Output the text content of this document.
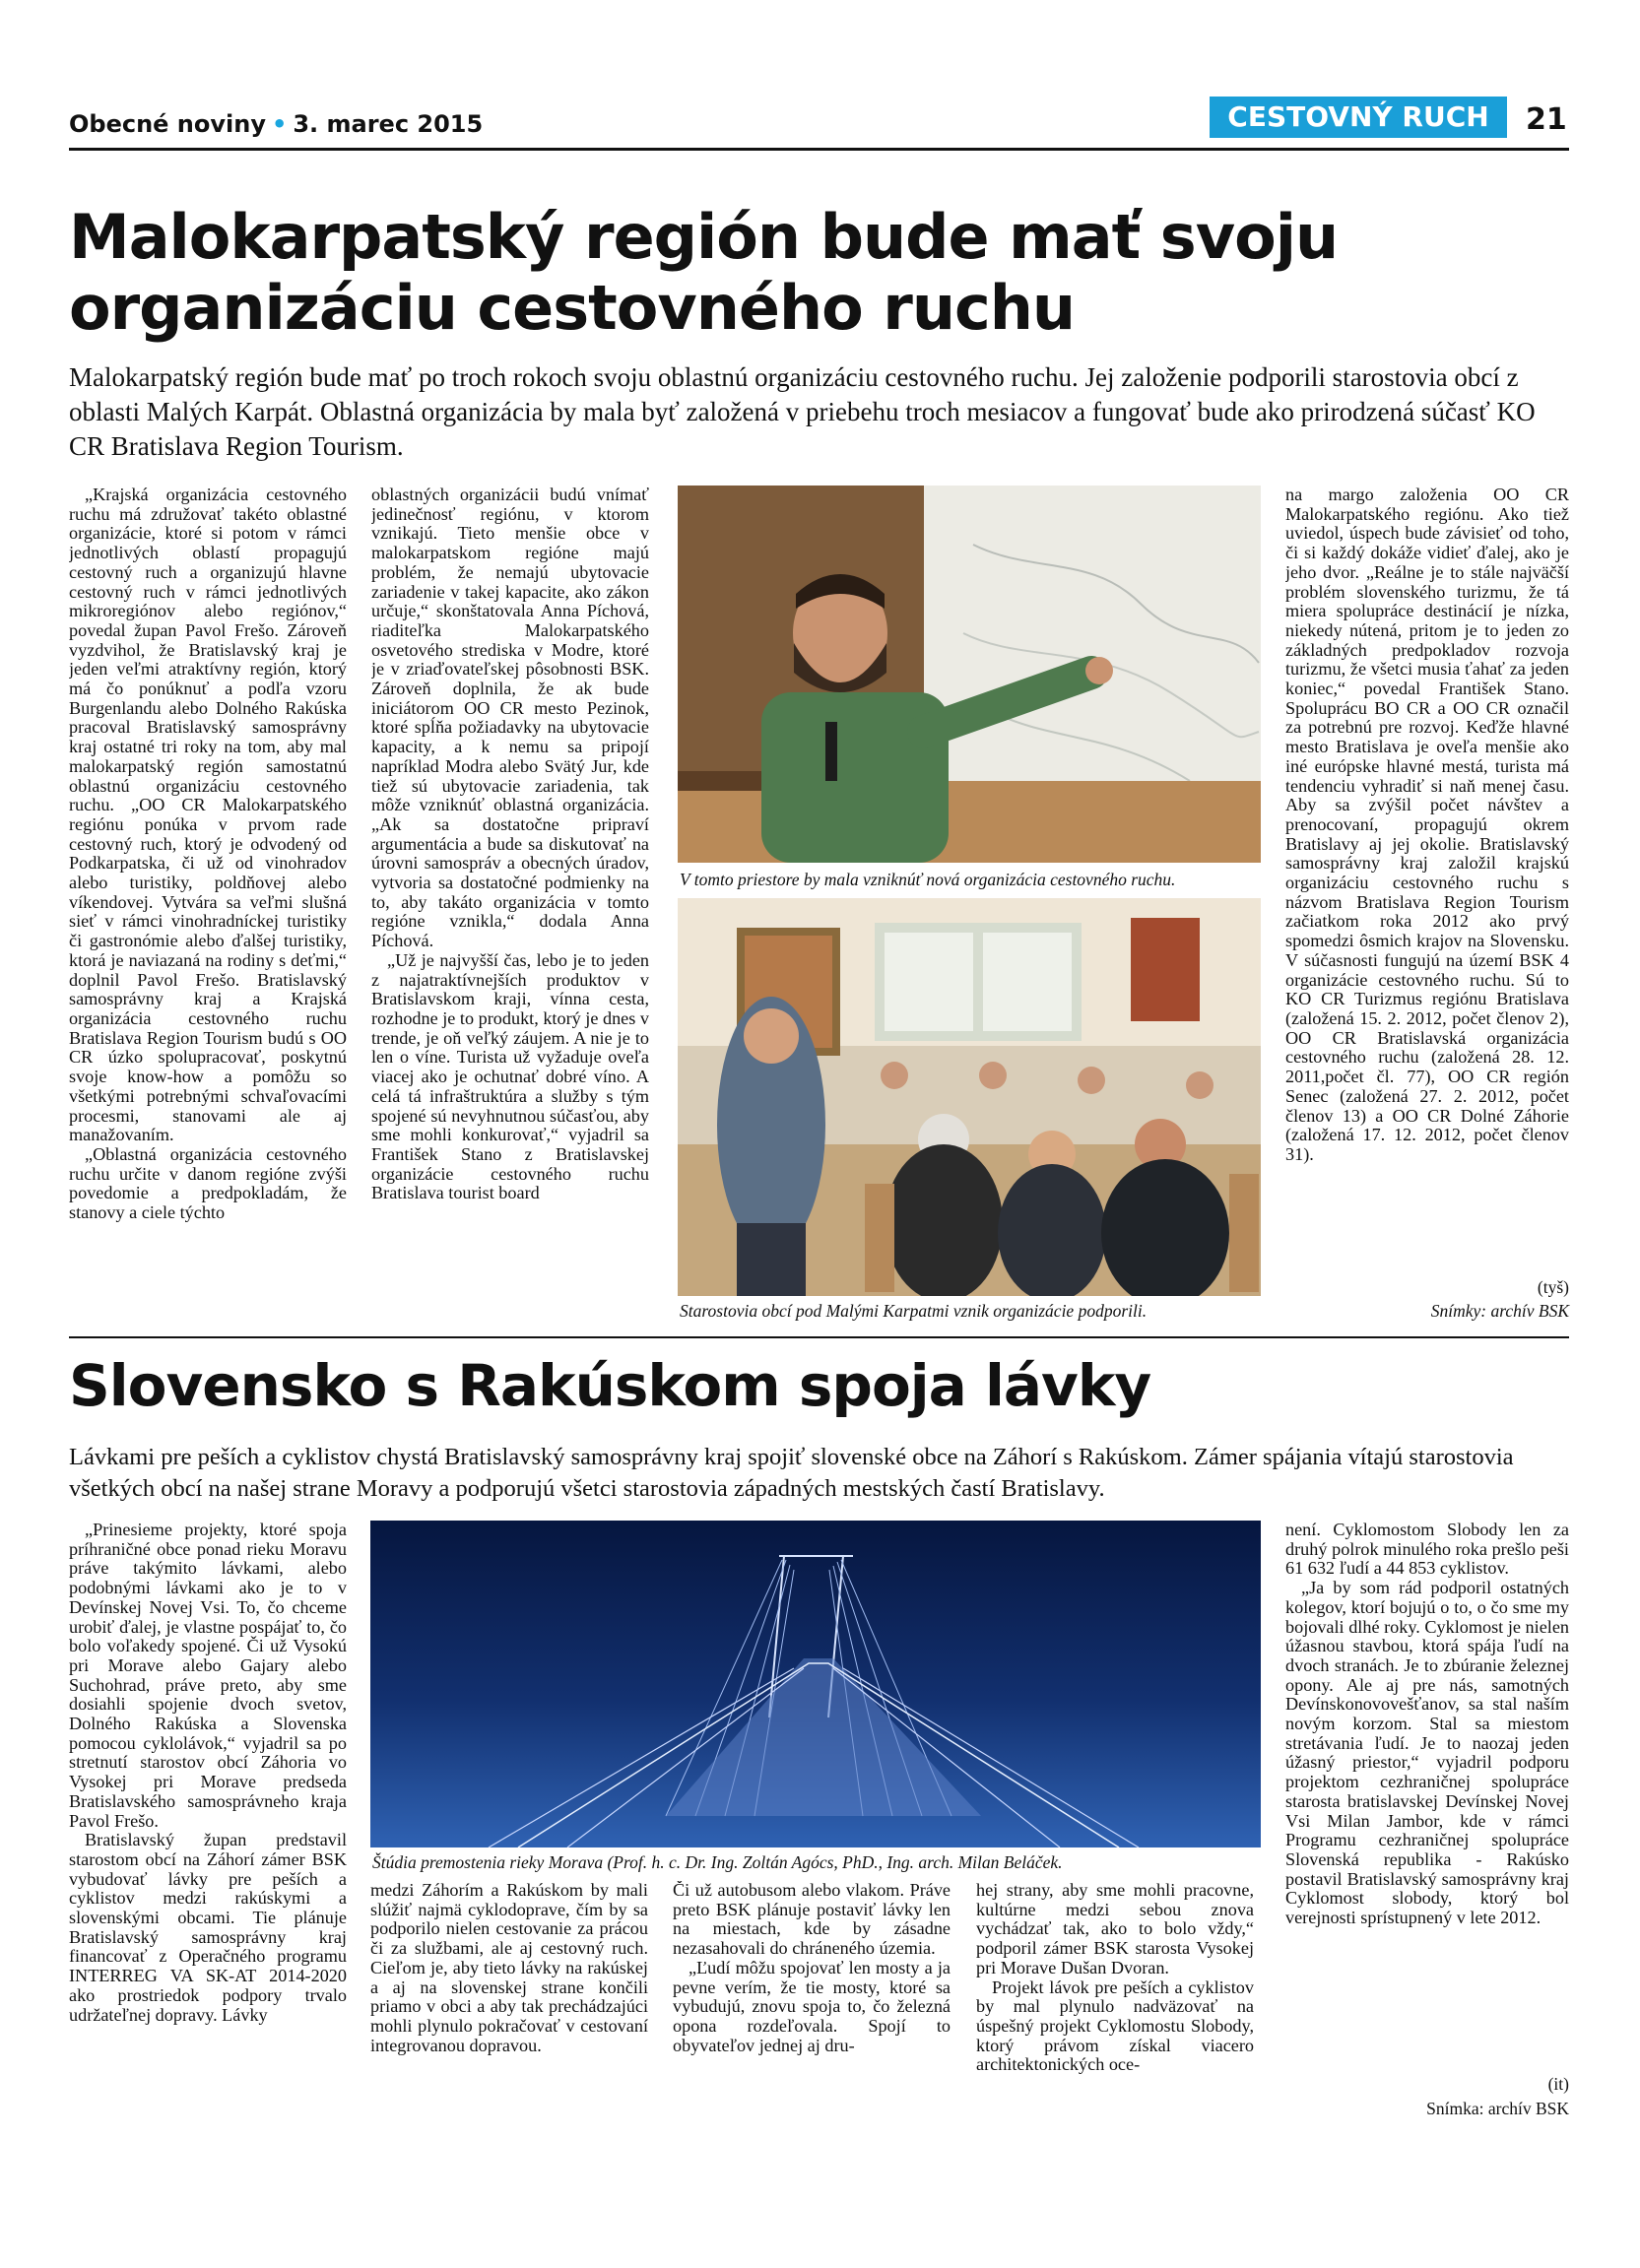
Obecné noviny • 3. marec 2015	CESTOVNÝ RUCH	21
Malokarpatský región bude mať svoju
organizáciu cestovného ruchu

Malokarpatský región bude mať po troch rokoch svoju oblastnú organizáciu cestovného ruchu. Jej založenie podporili starostovia obcí z oblasti Malých Karpát. Oblastná organizácia by mala byť založená v priebehu troch mesiacov a fungovať bude ako prirodzená súčasť KO CR Bratislava Region Tourism.

„Krajská organizácia cestovného ruchu má združovať takéto oblastné organizácie, ktoré si potom v rámci jednotlivých oblastí propagujú cestovný ruch a organizujú hlavne cestovný ruch v rámci jednotlivých mikroregiónov alebo regiónov,“ povedal župan Pavol Frešo. Zároveň vyzdvihol, že Bratislavský kraj je jeden veľmi atraktívny región, ktorý má čo ponúknuť a podľa vzoru Burgenlandu alebo Dolného Rakúska pracoval Bratislavský samosprávny kraj ostatné tri roky na tom, aby mal malokarpatský región samostatnú oblastnú organizáciu cestovného ruchu. „OO CR Malokarpatského regiónu ponúka v prvom rade cestovný ruch, ktorý je odvodený od Podkarpatska, či už od vinohradov alebo turistiky, poldňovej alebo víkendovej. Vytvára sa veľmi slušná sieť v rámci vinohradníckej turistiky či gastronómie alebo ďalšej turistiky, ktorá je naviazaná na rodiny s deťmi,“ doplnil Pavol Frešo. Bratislavský samosprávny kraj a Krajská organizácia cestovného ruchu Bratislava Region Tourism budú s OO CR úzko spolupracovať, poskytnú svoje know-how a pomôžu so všetkými potrebnými schvaľovacími procesmi, stanovami ale aj manažovaním.

„Oblastná organizácia cestovného ruchu určite v danom regióne zvýši povedomie a predpokladám, že stanovy a ciele týchto

oblastných organizácii budú vnímať jedinečnosť regiónu, v ktorom vznikajú. Tieto menšie obce v malokarpatskom regióne majú problém, že nemajú ubytovacie zariadenie v takej kapacite, ako zákon určuje,“ skonštatovala Anna Píchová, riaditeľka Malokarpatského osvetového strediska v Modre, ktoré je v zriaďovateľskej pôsobnosti BSK. Zároveň doplnila, že ak bude iniciátorom OO CR mesto Pezinok, ktoré spĺňa požiadavky na ubytovacie kapacity, a k nemu sa pripojí napríklad Modra alebo Svätý Jur, kde tiež sú ubytovacie zariadenia, tak môže vzniknúť oblastná organizácia. „Ak sa dostatočne pripraví argumentácia a bude sa diskutovať na úrovni samospráv a obecných úradov, vytvoria sa dostatočné podmienky na to, aby takáto organizácia v tomto regióne vznikla,“ dodala Anna Píchová.

„Už je najvyšší čas, lebo je to jeden z najatraktívnejších produktov v Bratislavskom kraji, vínna cesta, rozhodne je to produkt, ktorý je dnes v trende, je oň veľký záujem. A nie je to len o víne. Turista už vyžaduje oveľa viacej ako je ochutnať dobré víno. A celá tá infraštruktúra a služby s tým spojené sú nevyhnutnou súčasťou, aby sme mohli konkurovať,“ vyjadril sa František Stano z Bratislavskej organizácie cestovného ruchu Bratislava tourist board

V tomto priestore by mala vzniknúť nová organizácia cestovného ruchu.
Starostovia obcí pod Malými Karpatmi vznik organizácie podporili.

na margo založenia OO CR Malokarpatského regiónu. Ako tiež uviedol, úspech bude závisieť od toho, či si každý dokáže vidieť ďalej, ako je jeho dvor. „Reálne je to stále najväčší problém slovenského turizmu, že tá miera spolupráce destinácií je nízka, niekedy nútená, pritom je to jeden zo základných predpokladov rozvoja turizmu, že všetci musia ťahať za jeden koniec,“ povedal František Stano. Spoluprácu BO CR a OO CR označil za potrebnú pre rozvoj. Keďže hlavné mesto Bratislava je oveľa menšie ako iné európske hlavné mestá, turista má tendenciu vyhradiť si naň menej času. Aby sa zvýšil počet návštev a prenocovaní, propagujú okrem Bratislavy aj jej okolie. Bratislavský samosprávny kraj založil krajskú organizáciu cestovného ruchu s názvom Bratislava Region Tourism začiatkom roka 2012 ako prvý spomedzi ôsmich krajov na Slovensku. V súčasnosti fungujú na území BSK 4 organizácie cestovného ruchu. Sú to KO CR Turizmus regiónu Bratislava (založená 15. 2. 2012, počet členov 2), OO CR Bratislavská organizácia cestovného ruchu (založená 28. 12. 2011,počet čl. 77), OO CR región Senec (založená 27. 2. 2012, počet členov 13) a OO CR Dolné Záhorie (založená 17. 12. 2012, počet členov 31).

(tyš)
Snímky: archív BSK
Slovensko s Rakúskom spoja lávky

Lávkami pre peších a cyklistov chystá Bratislavský samosprávny kraj spojiť slovenské obce na Záhorí s Rakúskom. Zámer spájania vítajú starostovia všetkých obcí na našej strane Moravy a podporujú všetci starostovia západných mestských častí Bratislavy.

„Prinesieme projekty, ktoré spoja príhraničné obce ponad rieku Moravu práve takýmito lávkami, alebo podobnými lávkami ako je to v Devínskej Novej Vsi. To, čo chceme urobiť ďalej, je vlastne pospájať to, čo bolo voľakedy spojené. Či už Vysokú pri Morave alebo Gajary alebo Suchohrad, práve preto, aby sme dosiahli spojenie dvoch svetov, Dolného Rakúska a Slovenska pomocou cyklolávok,“ vyjadril sa po stretnutí starostov obcí Záhoria vo Vysokej pri Morave predseda Bratislavského samosprávneho kraja Pavol Frešo.

Bratislavský župan predstavil starostom obcí na Záhorí zámer BSK vybudovať lávky pre peších a cyklistov medzi rakúskymi a slovenskými obcami. Tie plánuje Bratislavský samosprávny kraj financovať z Operačného programu INTERREG VA SK-AT 2014-2020 ako prostriedok podpory trvalo udržateľnej dopravy. Lávky

Štúdia premostenia rieky Morava (Prof. h. c. Dr. Ing. Zoltán Agócs, PhD., Ing. arch. Milan Beláček.

medzi Záhorím a Rakúskom by mali slúžiť najmä cyklodopravе, čím by sa podporilo nielen cestovanie za prácou či za službami, ale aj cestovný ruch. Cieľom je, aby tieto lávky na rakúskej a aj na slovenskej strane končili priamo v obci a aby tak prechádzajúci mohli plynulo pokračovať v cestovaní integrovanou dopravou.

Či už autobusom alebo vlakom. Práve preto BSK plánuje postaviť lávky len na miestach, kde by zásadne nezasahovali do chráneného územia.

„Ľudí môžu spojovať len mosty a ja pevne verím, že tie mosty, ktoré sa vybudujú, znovu spoja to, čo železná opona rozdeľovala. Spojí to obyvateľov jednej aj dru-

hej strany, aby sme mohli pracovne, kultúrne medzi sebou znova vychádzať tak, ako to bolo vždy,“ podporil zámer BSK starosta Vysokej pri Morave Dušan Dvoran.

Projekt lávok pre peších a cyklistov by mal plynulo nadväzovať na úspešný projekt Cyklomostu Slobody, ktorý právom získal viacero architektonických oce-

není. Cyklomostom Slobody len za druhý polrok minulého roka prešlo peši 61 632 ľudí a 44 853 cyklistov.

„Ja by som rád podporil ostatných kolegov, ktorí bojujú o to, o čo sme my bojovali dlhé roky. Cyklomost je nielen úžasnou stavbou, ktorá spája ľudí na dvoch stranách. Je to zbúranie železnej opony. Ale aj pre nás, samotných Devínskonovovešťanov, sa stal naším novým korzom. Stal sa miestom stretávania ľudí. Je to naozaj jeden úžasný priestor,“ vyjadril podporu projektom cezhraničnej spolupráce starosta bratislavskej Devínskej Novej Vsi Milan Jambor, kde v rámci Programu cezhraničnej spolupráce Slovenská republika - Rakúsko postavil Bratislavský samosprávny kraj Cyklomost slobody, ktorý bol verejnosti sprístupnený v lete 2012.

(it)
Snímka: archív BSK
